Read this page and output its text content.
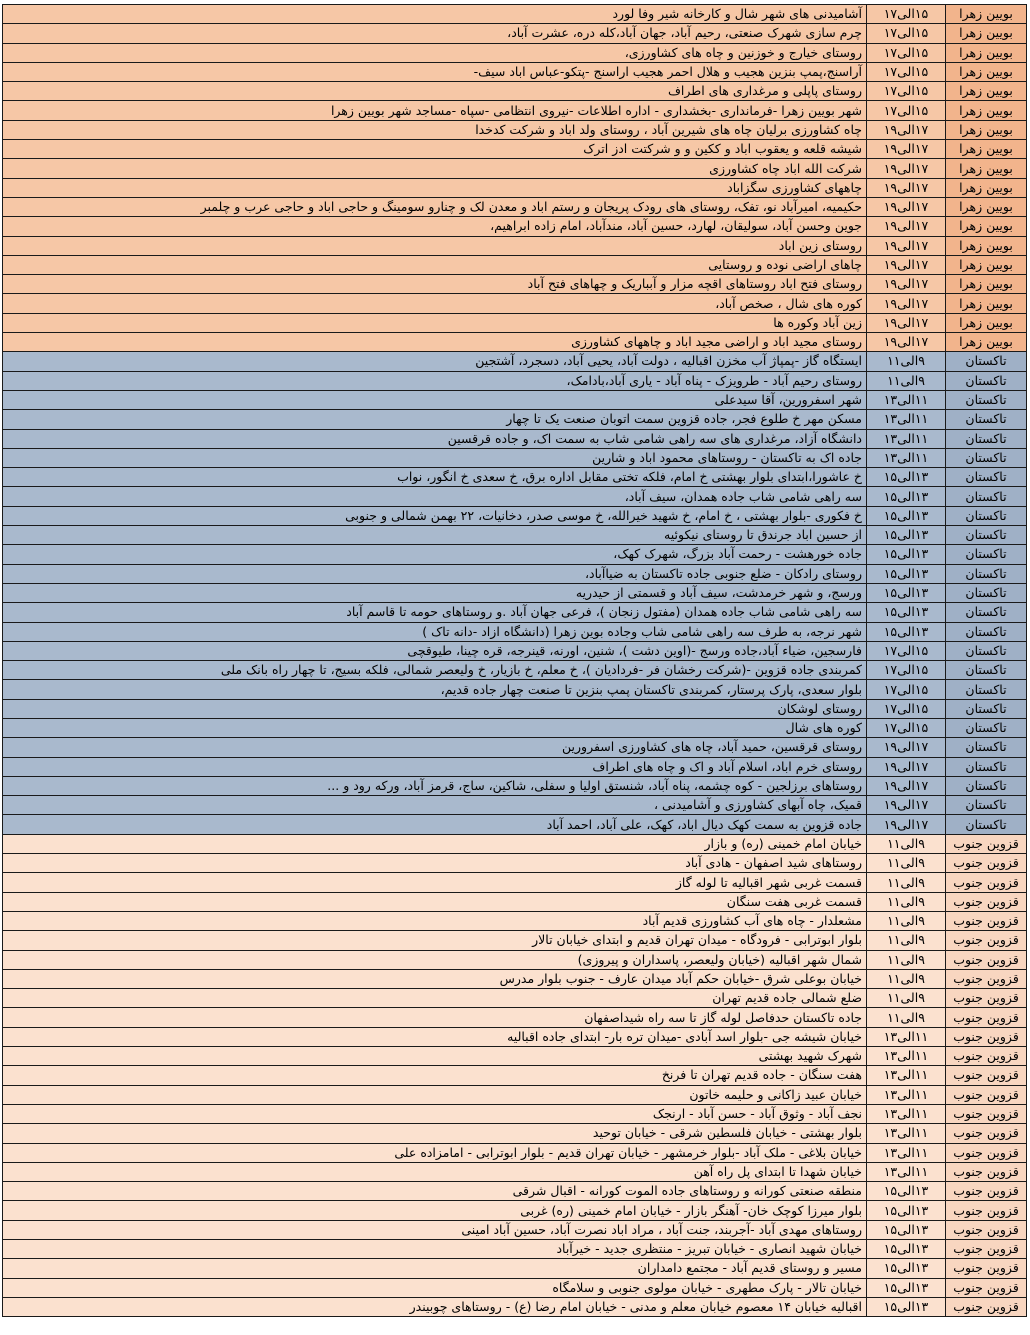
بویین زهرا	۱۵الی۱۷	آشامیدنی های شهر شال و کارخانه شیر وفا لورد
بویین زهرا	۱۵الی۱۷	چرم سازی شهرک صنعتی، رحیم آباد، جهان آباد،کله دره، عشرت آباد،
بویین زهرا	۱۵الی۱۷	روستای خیارج و خوزنین و چاه های کشاورزی،
بویین زهرا	۱۵الی۱۷	آراسنج،پمپ بنزین هجیب و هلال احمر هجیب اراسنج -پتکو-عباس اباد سیف-
بویین زهرا	۱۵الی۱۷	روستای پاپلی و مرغداری های اطراف
بویین زهرا	۱۵الی۱۷	شهر بویین زهرا -فرمانداری -بخشداری - اداره اطلاعات -نیروی انتظامی -سپاه -مساجد شهر بویین زهرا
بویین زهرا	۱۷الی۱۹	چاه کشاورزی برلیان چاه های شیرین آباد ، روستای ولد اباد و شرکت کدخدا
بویین زهرا	۱۷الی۱۹	شیشه قلعه و یعقوب اباد و ککین و و شرکتت ادز اترک
بویین زهرا	۱۷الی۱۹	شرکت الله اباد چاه کشاورزی
بویین زهرا	۱۷الی۱۹	چاههای کشاورزی سگزاباد
بویین زهرا	۱۷الی۱۹	حکیمیه، امیرآباد نو، تفک، روستای های رودک پریجان و رستم اباد و معدن لک و چنارو سومینگ و حاجی اباد و حاجی عرب و چلمبر
بویین زهرا	۱۷الی۱۹	جوین وحسن آباد، سولیقان، لهارد، حسین آباد، مندآباد، امام زاده ابراهیم،
بویین زهرا	۱۷الی۱۹	روستای زین اباد
بویین زهرا	۱۷الی۱۹	چاهای اراضی نوده و روستایی
بویین زهرا	۱۷الی۱۹	روستای فتح اباد روستاهای اقچه مزار و آبباریک و چهاهای فتح آباد
بویین زهرا	۱۷الی۱۹	کوره های شال ، صخص آباد،
بویین زهرا	۱۷الی۱۹	زین آباد وکوره ها
بویین زهرا	۱۷الی۱۹	روستای مجید اباد و اراضی مجید اباد و چاههای کشاورزی
تاکستان	۹الی۱۱	ایستگاه گاز -پمپاژ آب مخزن اقبالیه ، دولت آباد، یحیی آباد، دسجرد، آشتجین
تاکستان	۹الی۱۱	روستای رحیم آباد - طرویزک - پناه آباد - یاری آباد،بادامک،
تاکستان	۱۱الی۱۳	شهر اسفرورین، آقا سیدعلی
تاکستان	۱۱الی۱۳	مسکن مهر خ طلوع فجر، جاده قزوین سمت اتوبان صنعت یک تا چهار
تاکستان	۱۱الی۱۳	دانشگاه آزاد، مرغداری های سه راهی شامی شاب به سمت اک، و جاده قرقسین
تاکستان	۱۱الی۱۳	جاده اک به تاکستان - روستاهای محمود اباد و شارین
تاکستان	۱۳الی۱۵	خ عاشورا،ابتدای بلوار بهشتی خ امام، فلکه تختی مقابل اداره برق، خ سعدی خ انگور، نواب
تاکستان	۱۳الی۱۵	سه راهی شامی شاب جاده همدان، سیف آباد،
تاکستان	۱۳الی۱۵	خ فکوری -بلوار بهشتی ، خ امام، خ شهید خیرالله، خ موسی صدر، دخانیات، ۲۲ بهمن شمالی و جنوبی
تاکستان	۱۳الی۱۵	از حسین اباد جرندق تا روستای نیکوئیه
تاکستان	۱۳الی۱۵	جاده خورهشت - رحمت آباد بزرگ، شهرک کهک،
تاکستان	۱۳الی۱۵	روستای رادکان - ضلع جنوبی جاده تاکستان به ضیاآباد،
تاکستان	۱۳الی۱۵	ورسج، و شهر خرمدشت، سیف آباد و قسمتی از حیدریه
تاکستان	۱۳الی۱۵	سه راهی شامی شاب جاده همدان (مفتول زنجان )، فرعی جهان آباد .و روستاهای حومه تا قاسم آباد
تاکستان	۱۳الی۱۵	شهر نرجه، به طرف سه راهی شامی شاب وجاده بوین زهرا (دانشگاه ازاد -دانه تاک )
تاکستان	۱۵الی۱۷	فارسجین، ضیاء آباد،جاده ورسج -(اوین دشت )، شنین، اورنه، قینرجه، قره چینا، طیوقچی
تاکستان	۱۵الی۱۷	کمربندی جاده قزوین -(شرکت رخشان فر -فردادیان )، خ معلم، خ بازیار، خ ولیعصر شمالی، فلکه بسیج، تا چهار راه بانک ملی
تاکستان	۱۵الی۱۷	بلوار سعدی، پارک پرستار، کمربندی تاکستان پمپ بنزین تا صنعت چهار جاده قدیم،
تاکستان	۱۵الی۱۷	روستای لوشکان
تاکستان	۱۵الی۱۷	کوره های شال
تاکستان	۱۷الی۱۹	روستای قرقسین، حمید آباد، چاه های کشاورزی اسفرورین
تاکستان	۱۷الی۱۹	روستای خرم اباد، اسلام آباد و اک و چاه های اطراف
تاکستان	۱۷الی۱۹	روستاهای برزلجین - کوه چشمه، پناه آباد، شنستق اولیا و سفلی، شاکین، ساج، قرمز آباد، ورکه رود و ...
تاکستان	۱۷الی۱۹	قمیک، چاه آبهای کشاورزی و آشامیدنی ،
تاکستان	۱۷الی۱۹	جاده قزوین به سمت کهک دیال اباد، کهک، علی آباد، احمد آباد
قزوین جنوب	۹الی۱۱	خیابان امام خمینی (ره) و بازار
قزوین جنوب	۹الی۱۱	روستاهای شید اصفهان - هادی آباد
قزوین جنوب	۹الی۱۱	قسمت غربی شهر اقبالیه تا لوله گاز
قزوین جنوب	۹الی۱۱	قسمت غربی هفت سنگان
قزوین جنوب	۹الی۱۱	مشعلدار - چاه های آب کشاورزی قدیم آباد
قزوین جنوب	۹الی۱۱	بلوار ابوترابی - فرودگاه - میدان تهران قدیم و ابتدای خیابان تالار
قزوین جنوب	۹الی۱۱	شمال شهر اقبالیه (خیابان ولیعصر، پاسداران و پیروزی)
قزوین جنوب	۹الی۱۱	خیابان بوعلی شرق -خیابان حکم آباد میدان عارف - جنوب بلوار مدرس
قزوین جنوب	۹الی۱۱	ضلع شمالی جاده قدیم تهران
قزوین جنوب	۹الی۱۱	جاده تاکستان حدفاصل لوله گاز تا سه راه شیداصفهان
قزوین جنوب	۱۱الی۱۳	خیابان شیشه جی -بلوار اسد آبادی -میدان تره بار- ابتدای جاده اقبالیه
قزوین جنوب	۱۱الی۱۳	شهرک شهید بهشتی
قزوین جنوب	۱۱الی۱۳	هفت سنگان - جاده قدیم تهران تا فرنخ
قزوین جنوب	۱۱الی۱۳	خیابان عبید زاکانی و حلیمه خاتون
قزوین جنوب	۱۱الی۱۳	نجف آباد - وثوق آباد - حسن آباد - ارنجک
قزوین جنوب	۱۱الی۱۳	بلوار بهشتی - خیابان فلسطین شرقی - خیابان توحید
قزوین جنوب	۱۱الی۱۳	خیابان بلاغی - ملک آباد -بلوار خرمشهر - خیابان تهران قدیم - بلوار ابوترابی - امامزاده علی
قزوین جنوب	۱۱الی۱۳	خیابان شهدا تا ابتدای پل راه آهن
قزوین جنوب	۱۳الی۱۵	منطقه صنعتی کورانه و روستاهای جاده الموت کورانه - اقبال شرقی
قزوین جنوب	۱۳الی۱۵	بلوار میرزا کوچک خان- آهنگر بازار - خیابان امام خمینی (ره) غربی
قزوین جنوب	۱۳الی۱۵	روستاهای مهدی آباد -آجربند، جنت آباد ، مراد اباد نصرت آباد، حسین آباد امینی
قزوین جنوب	۱۳الی۱۵	خیابان شهید انصاری - خیابان تبریز - منتظری جدید - خیرآباد
قزوین جنوب	۱۳الی۱۵	مسیر و روستای قدیم آباد - مجتمع دامداران
قزوین جنوب	۱۳الی۱۵	خیابان تالار - پارک مطهری - خیابان مولوی جنوبی و سلامگاه
قزوین جنوب	۱۳الی۱۵	اقبالیه خیابان ۱۴ معصوم خیابان معلم و مدنی - خیابان امام رضا (ع) - روستاهای چوبیندر
